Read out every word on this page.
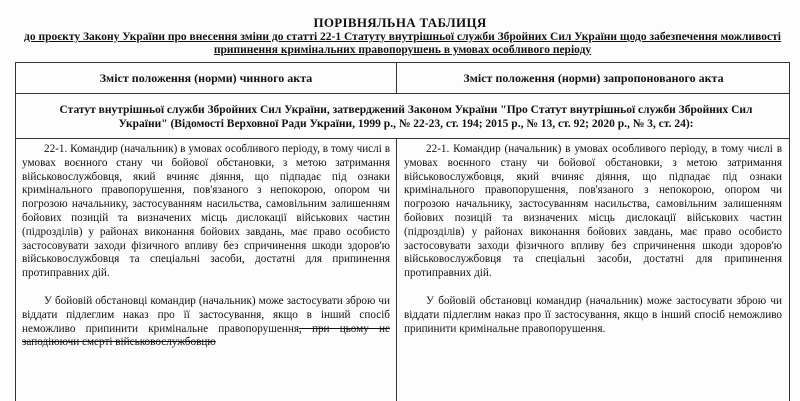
ПОРІВНЯЛЬНА ТАБЛИЦЯ
до проєкту Закону України про внесення зміни до статті 22-1 Статуту внутрішньої служби Збройних Сил України щодо забезпечення можливості припинення кримінальних правопорушень в умовах особливого періоду
Зміст положення (норми) чинного акта	Зміст положення (норми) запропонованого акта
Статут внутрішньої служби Збройних Сил України, затверджений Законом України "Про Статут внутрішньої служби Збройних Сил України" (Відомості Верховної Ради України, 1999 р., № 22-23, ст. 194; 2015 р., № 13, ст. 92; 2020 р., № 3, ст. 24):

22-1. Командир (начальник) в умовах особливого періоду, в тому числі в умовах воєнного стану чи бойової обстановки, з метою затримання військовослужбовця, який вчиняє діяння, що підпадає під ознаки кримінального правопорушення, пов'язаного з непокорою, опором чи погрозою начальнику, застосуванням насильства, самовільним залишенням бойових позицій та визначених місць дислокації військових частин (підрозділів) у районах виконання бойових завдань, має право особисто застосовувати заходи фізичного впливу без спричинення шкоди здоров'ю військовослужбовця та спеціальні засоби, достатні для припинення протиправних дій.

У бойовій обстановці командир (начальник) може застосувати зброю чи віддати підлеглим наказ про її застосування, якщо в інший спосіб неможливо припинити кримінальне правопорушення, при цьому не заподіюючи смерті військовослужбовцю

22-1. Командир (начальник) в умовах особливого періоду, в тому числі в умовах воєнного стану чи бойової обстановки, з метою затримання військовослужбовця, який вчиняє діяння, що підпадає під ознаки кримінального правопорушення, пов'язаного з непокорою, опором чи погрозою начальнику, застосуванням насильства, самовільним залишенням бойових позицій та визначених місць дислокації військових частин (підрозділів) у районах виконання бойових завдань, має право особисто застосовувати заходи фізичного впливу без спричинення шкоди здоров'ю військовослужбовця та спеціальні засоби, достатні для припинення протиправних дій.

У бойовій обстановці командир (начальник) може застосувати зброю чи віддати підлеглим наказ про її застосування, якщо в інший спосіб неможливо припинити кримінальне правопорушення.
